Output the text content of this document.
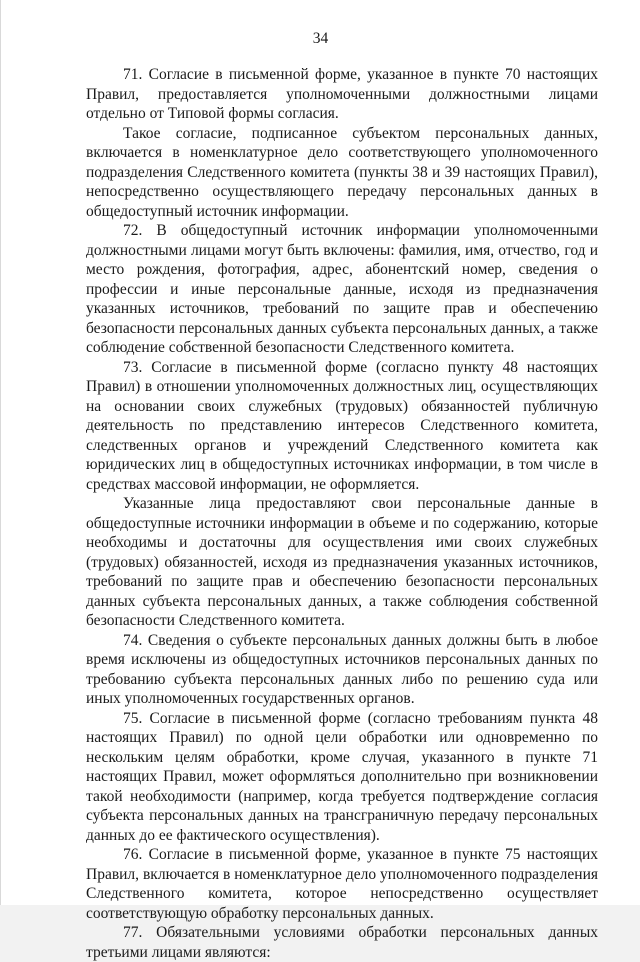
34

71. Согласие в письменной форме, указанное в пункте 70 настоящих Правил, предоставляется уполномоченными должностными лицами отдельно от Типовой формы согласия.

Такое согласие, подписанное субъектом персональных данных, включается в номенклатурное дело соответствующего уполномоченного подразделения Следственного комитета (пункты 38 и 39 настоящих Правил), непосредственно осуществляющего передачу персональных данных в общедоступный источник информации.

72. В общедоступный источник информации уполномоченными должностными лицами могут быть включены: фамилия, имя, отчество, год и место рождения, фотография, адрес, абонентский номер, сведения о профессии и иные персональные данные, исходя из предназначения указанных источников, требований по защите прав и обеспечению безопасности персональных данных субъекта персональных данных, а также соблюдение собственной безопасности Следственного комитета.

73. Согласие в письменной форме (согласно пункту 48 настоящих Правил) в отношении уполномоченных должностных лиц, осуществляющих на основании своих служебных (трудовых) обязанностей публичную деятельность по представлению интересов Следственного комитета, следственных органов и учреждений Следственного комитета как юридических лиц в общедоступных источниках информации, в том числе в средствах массовой информации, не оформляется.

Указанные лица предоставляют свои персональные данные в общедоступные источники информации в объеме и по содержанию, которые необходимы и достаточны для осуществления ими своих служебных (трудовых) обязанностей, исходя из предназначения указанных источников, требований по защите прав и обеспечению безопасности персональных данных субъекта персональных данных, а также соблюдения собственной безопасности Следственного комитета.

74. Сведения о субъекте персональных данных должны быть в любое время исключены из общедоступных источников персональных данных по требованию субъекта персональных данных либо по решению суда или иных уполномоченных государственных органов.

75. Согласие в письменной форме (согласно требованиям пункта 48 настоящих Правил) по одной цели обработки или одновременно по нескольким целям обработки, кроме случая, указанного в пункте 71 настоящих Правил, может оформляться дополнительно при возникновении такой необходимости (например, когда требуется подтверждение согласия субъекта персональных данных на трансграничную передачу персональных данных до ее фактического осуществления).

76. Согласие в письменной форме, указанное в пункте 75 настоящих Правил, включается в номенклатурное дело уполномоченного подразделения Следственного комитета, которое непосредственно осуществляет соответствующую обработку персональных данных.

77. Обязательными условиями обработки персональных данных третьими лицами являются:
